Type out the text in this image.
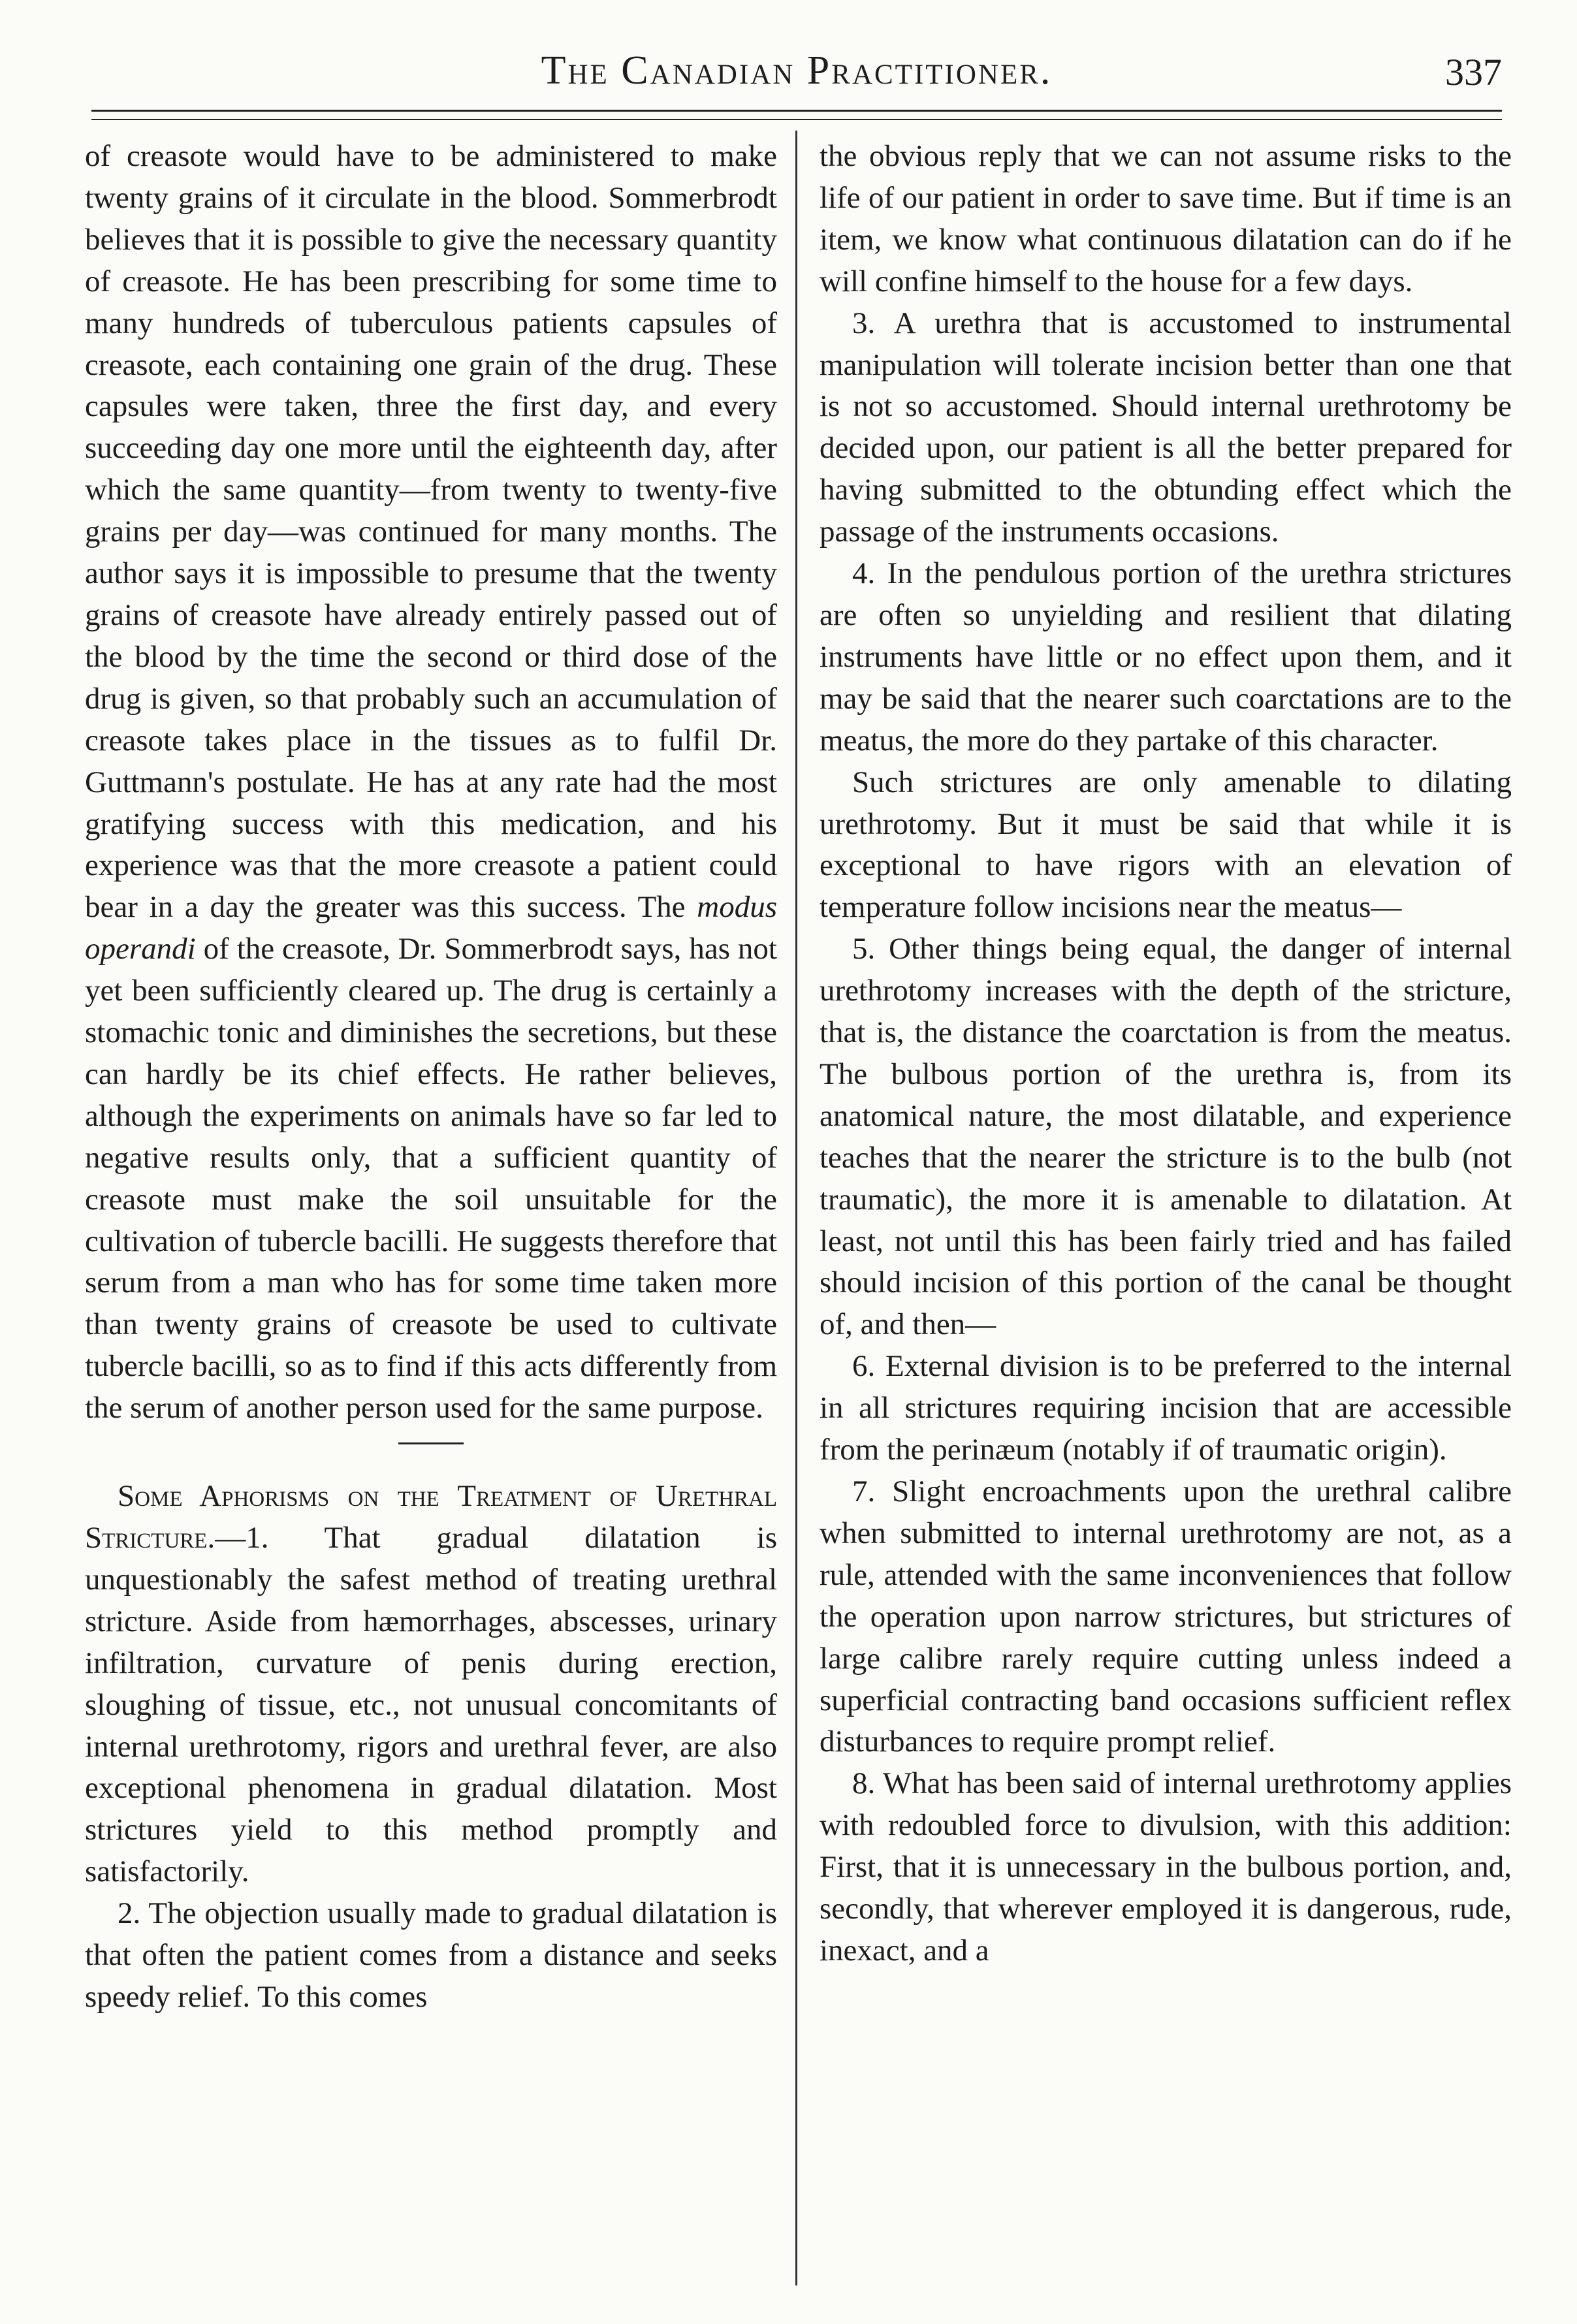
The Canadian Practitioner.	337

of creasote would have to be administered to make twenty grains of it circulate in the blood. Sommerbrodt believes that it is possible to give the necessary quantity of creasote. He has been prescribing for some time to many hundreds of tuberculous patients capsules of creasote, each containing one grain of the drug. These capsules were taken, three the first day, and every succeeding day one more until the eighteenth day, after which the same quantity—from twenty to twenty-five grains per day—was continued for many months. The author says it is impossible to presume that the twenty grains of creasote have already entirely passed out of the blood by the time the second or third dose of the drug is given, so that probably such an accumulation of creasote takes place in the tissues as to fulfil Dr. Guttmann's postulate. He has at any rate had the most gratifying success with this medication, and his experience was that the more creasote a patient could bear in a day the greater was this success. The modus operandi of the creasote, Dr. Sommerbrodt says, has not yet been sufficiently cleared up. The drug is certainly a stomachic tonic and diminishes the secretions, but these can hardly be its chief effects. He rather believes, although the experiments on animals have so far led to negative results only, that a sufficient quantity of creasote must make the soil unsuitable for the cultivation of tubercle bacilli. He suggests therefore that serum from a man who has for some time taken more than twenty grains of creasote be used to cultivate tubercle bacilli, so as to find if this acts differently from the serum of another person used for the same purpose.

Some Aphorisms on the Treatment of Urethral Stricture.—1. That gradual dilatation is unquestionably the safest method of treating urethral stricture. Aside from hæmorrhages, abscesses, urinary infiltration, curvature of penis during erection, sloughing of tissue, etc., not unusual concomitants of internal urethrotomy, rigors and urethral fever, are also exceptional phenomena in gradual dilatation. Most strictures yield to this method promptly and satisfactorily.

2. The objection usually made to gradual dilatation is that often the patient comes from a distance and seeks speedy relief. To this comes

the obvious reply that we can not assume risks to the life of our patient in order to save time. But if time is an item, we know what continuous dilatation can do if he will confine himself to the house for a few days.

3. A urethra that is accustomed to instrumental manipulation will tolerate incision better than one that is not so accustomed. Should internal urethrotomy be decided upon, our patient is all the better prepared for having submitted to the obtunding effect which the passage of the instruments occasions.

4. In the pendulous portion of the urethra strictures are often so unyielding and resilient that dilating instruments have little or no effect upon them, and it may be said that the nearer such coarctations are to the meatus, the more do they partake of this character.

Such strictures are only amenable to dilating urethrotomy. But it must be said that while it is exceptional to have rigors with an elevation of temperature follow incisions near the meatus—

5. Other things being equal, the danger of internal urethrotomy increases with the depth of the stricture, that is, the distance the coarctation is from the meatus. The bulbous portion of the urethra is, from its anatomical nature, the most dilatable, and experience teaches that the nearer the stricture is to the bulb (not traumatic), the more it is amenable to dilatation. At least, not until this has been fairly tried and has failed should incision of this portion of the canal be thought of, and then—

6. External division is to be preferred to the internal in all strictures requiring incision that are accessible from the perinæum (notably if of traumatic origin).

7. Slight encroachments upon the urethral calibre when submitted to internal urethrotomy are not, as a rule, attended with the same inconveniences that follow the operation upon narrow strictures, but strictures of large calibre rarely require cutting unless indeed a superficial contracting band occasions sufficient reflex disturbances to require prompt relief.

8. What has been said of internal urethrotomy applies with redoubled force to divulsion, with this addition: First, that it is unnecessary in the bulbous portion, and, secondly, that wherever employed it is dangerous, rude, inexact, and a
